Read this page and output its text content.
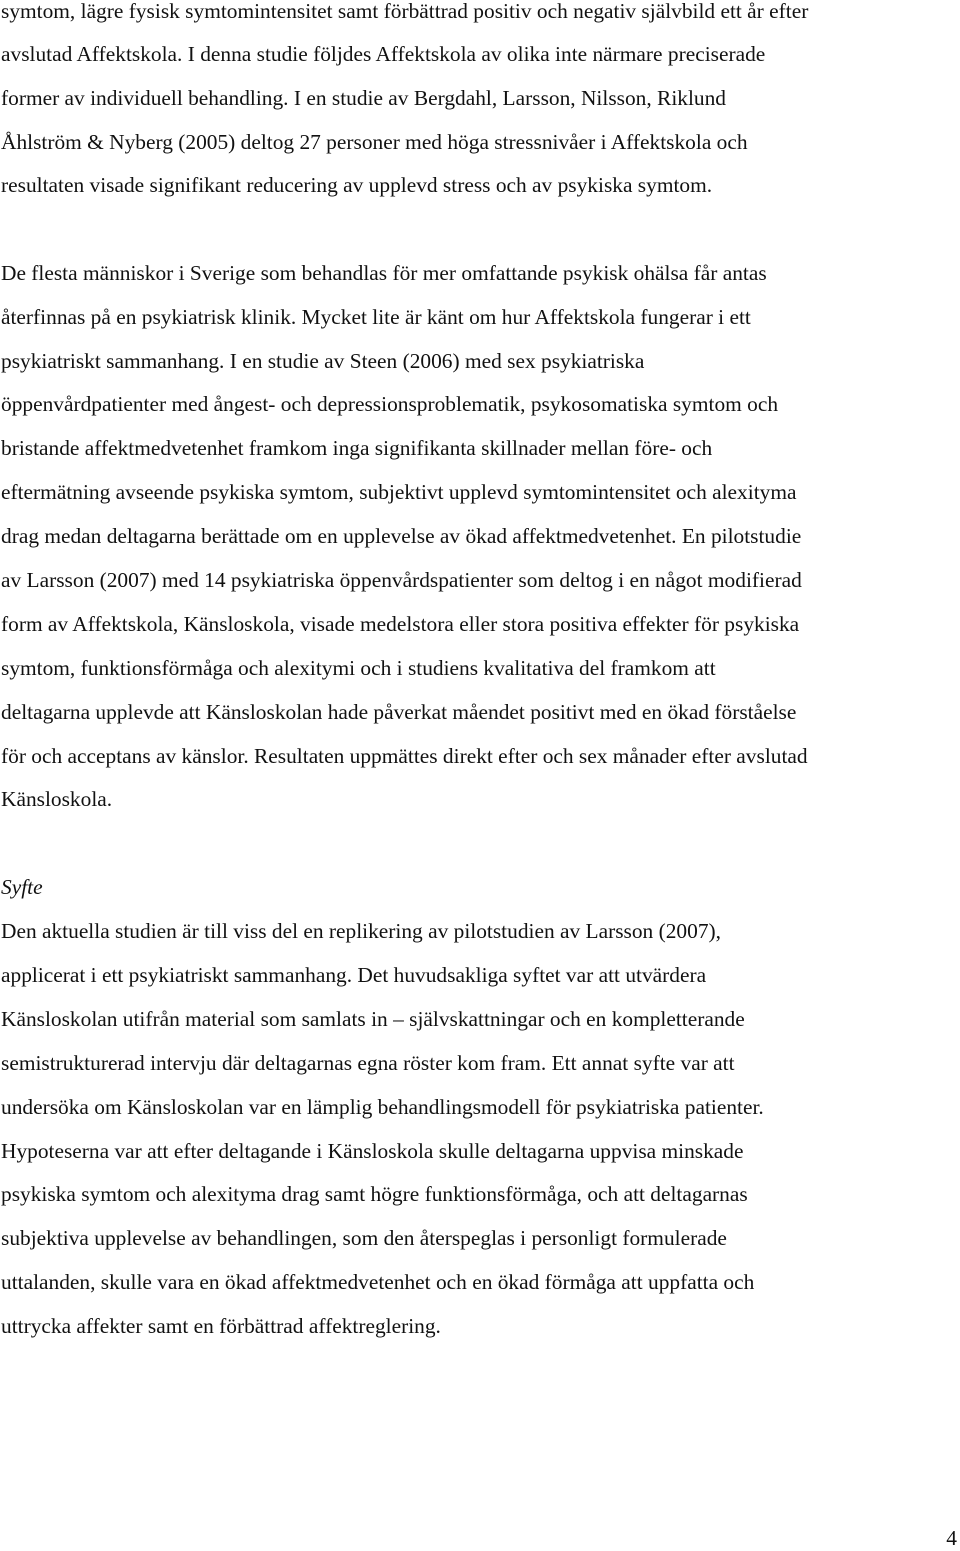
symtom, lägre fysisk symtomintensitet samt förbättrad positiv och negativ självbild ett år efter

avslutad Affektskola. I denna studie följdes Affektskola av olika inte närmare preciserade

former av individuell behandling. I en studie av Bergdahl, Larsson, Nilsson, Riklund

Åhlström & Nyberg (2005) deltog 27 personer med höga stressnivåer i Affektskola och

resultaten visade signifikant reducering av upplevd stress och av psykiska symtom.

De flesta människor i Sverige som behandlas för mer omfattande psykisk ohälsa får antas

återfinnas på en psykiatrisk klinik. Mycket lite är känt om hur Affektskola fungerar i ett

psykiatriskt sammanhang. I en studie av Steen (2006) med sex psykiatriska

öppenvårdpatienter med ångest- och depressionsproblematik, psykosomatiska symtom och

bristande affektmedvetenhet framkom inga signifikanta skillnader mellan före- och

eftermätning avseende psykiska symtom, subjektivt upplevd symtomintensitet och alexityma

drag medan deltagarna berättade om en upplevelse av ökad affektmedvetenhet. En pilotstudie

av Larsson (2007) med 14 psykiatriska öppenvårdspatienter som deltog i en något modifierad

form av Affektskola, Känsloskola, visade medelstora eller stora positiva effekter för psykiska

symtom, funktionsförmåga och alexitymi och i studiens kvalitativa del framkom att

deltagarna upplevde att Känsloskolan hade påverkat måendet positivt med en ökad förståelse

för och acceptans av känslor. Resultaten uppmättes direkt efter och sex månader efter avslutad

Känsloskola.

Syfte

Den aktuella studien är till viss del en replikering av pilotstudien av Larsson (2007),

applicerat i ett psykiatriskt sammanhang. Det huvudsakliga syftet var att utvärdera

Känsloskolan utifrån material som samlats in – självskattningar och en kompletterande

semistrukturerad intervju där deltagarnas egna röster kom fram. Ett annat syfte var att

undersöka om Känsloskolan var en lämplig behandlingsmodell för psykiatriska patienter.

Hypoteserna var att efter deltagande i Känsloskola skulle deltagarna uppvisa minskade

psykiska symtom och alexityma drag samt högre funktionsförmåga, och att deltagarnas

subjektiva upplevelse av behandlingen, som den återspeglas i personligt formulerade

uttalanden, skulle vara en ökad affektmedvetenhet och en ökad förmåga att uppfatta och

uttrycka affekter samt en förbättrad affektreglering.

4
